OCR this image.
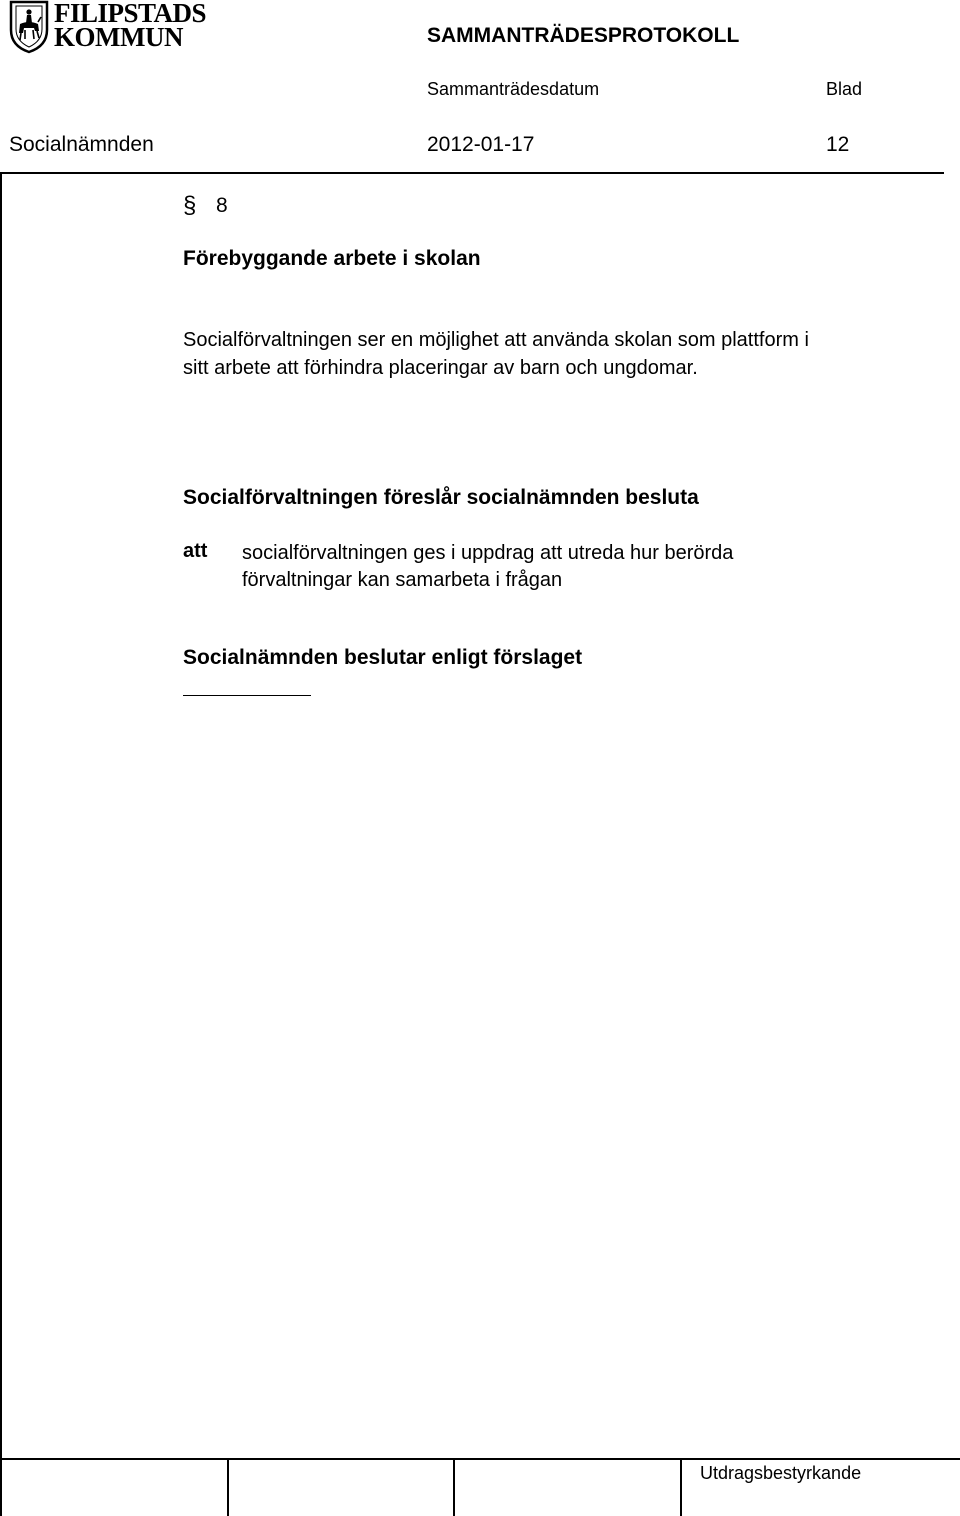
FILIPSTADS
KOMMUN	SAMMANTRÄDESPROTOKOLL
Sammanträdesdatum	Blad
Socialnämnden	2012-01-17	12
§ 8
Förebyggande arbete i skolan
Socialförvaltningen ser en möjlighet att använda skolan som plattform i
sitt arbete att förhindra placeringar av barn och ungdomar.
Socialförvaltningen föreslår socialnämnden besluta
att socialförvaltningen ges i uppdrag att utreda hur berörda
förvaltningar kan samarbeta i frågan
Socialnämnden beslutar enligt förslaget
Utdragsbestyrkande
